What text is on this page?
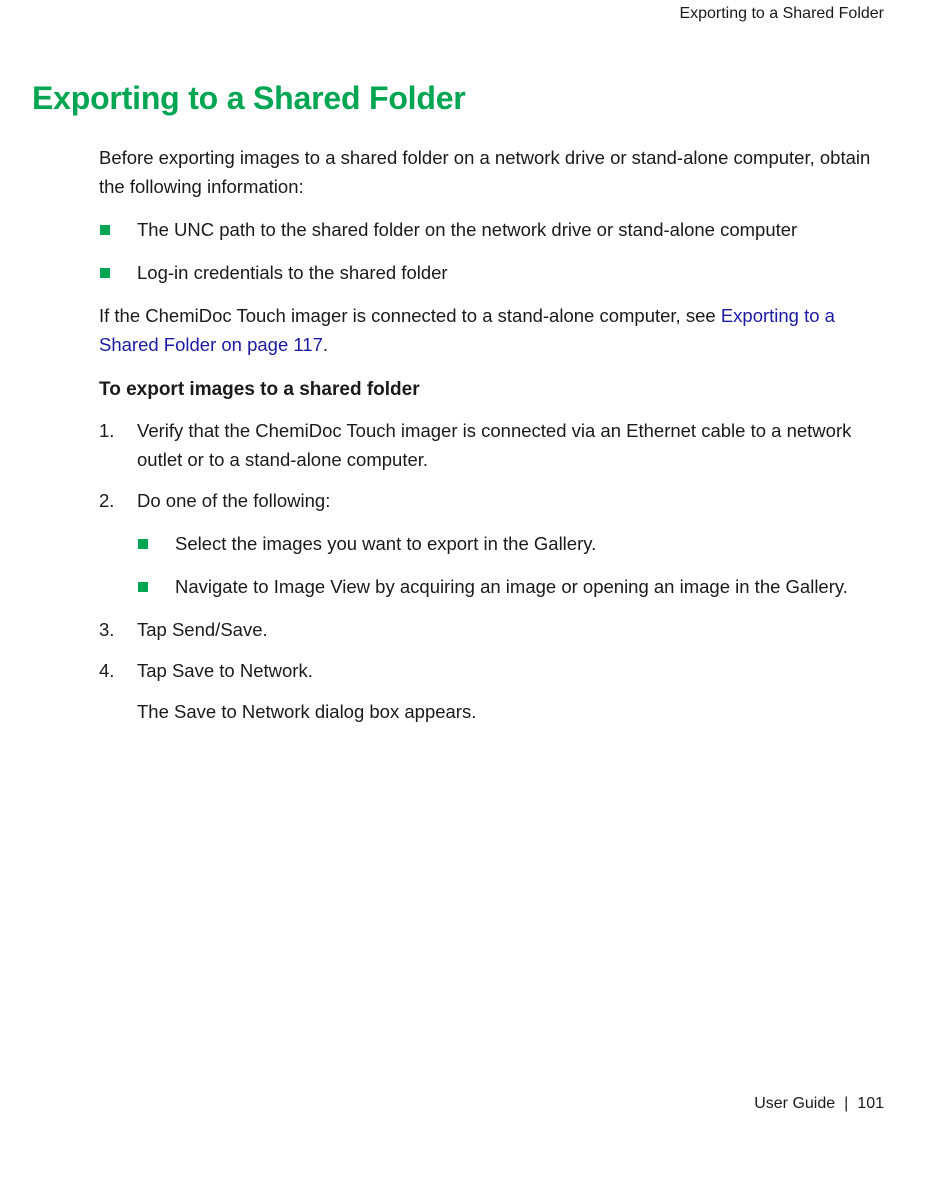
Exporting to a Shared Folder
Exporting to a Shared Folder

Before exporting images to a shared folder on a network drive or stand-alone computer, obtain the following information:

The UNC path to the shared folder on the network drive or stand-alone computer
Log-in credentials to the shared folder

If the ChemiDoc Touch imager is connected to a stand-alone computer, see Exporting to a Shared Folder on page 117.

To export images to a shared folder
1. Verify that the ChemiDoc Touch imager is connected via an Ethernet cable to a network outlet or to a stand-alone computer.
2. Do one of the following:
Select the images you want to export in the Gallery.
Navigate to Image View by acquiring an image or opening an image in the Gallery.
3. Tap Send/Save.
4. Tap Save to Network.

The Save to Network dialog box appears.

User Guide | 101
